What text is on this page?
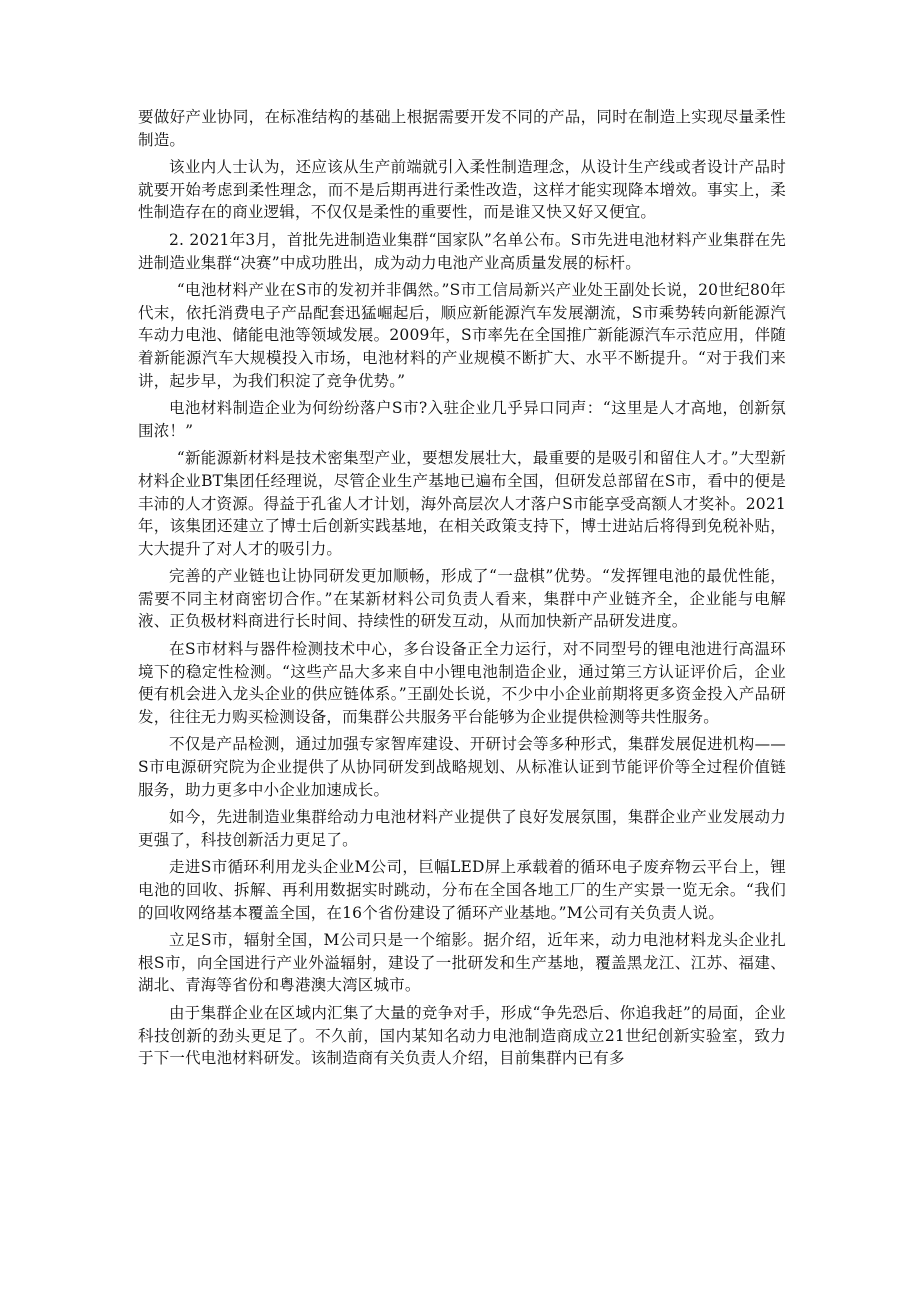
要做好产业协同，在标准结构的基础上根据需要开发不同的产品，同时在制造上实现尽量柔性制造。

该业内人士认为，还应该从生产前端就引入柔性制造理念，从设计生产线或者设计产品时就要开始考虑到柔性理念，而不是后期再进行柔性改造，这样才能实现降本增效。事实上，柔性制造存在的商业逻辑，不仅仅是柔性的重要性，而是谁又快又好又便宜。

2. 2021年3月，首批先进制造业集群“国家队”名单公布。S市先进电池材料产业集群在先进制造业集群“决赛”中成功胜出，成为动力电池产业高质量发展的标杆。

“电池材料产业在S市的发初并非偶然。”S市工信局新兴产业处王副处长说，20世纪80年代末，依托消费电子产品配套迅猛崛起后，顺应新能源汽车发展潮流，S市乘势转向新能源汽车动力电池、储能电池等领域发展。2009年，S市率先在全国推广新能源汽车示范应用，伴随着新能源汽车大规模投入市场，电池材料的产业规模不断扩大、水平不断提升。“对于我们来讲，起步早，为我们积淀了竞争优势。”

电池材料制造企业为何纷纷落户S市?入驻企业几乎异口同声：“这里是人才高地，创新氛围浓！”

“新能源新材料是技术密集型产业，要想发展壮大，最重要的是吸引和留住人才。”大型新材料企业BT集团任经理说，尽管企业生产基地已遍布全国，但研发总部留在S市，看中的便是丰沛的人才资源。得益于孔雀人才计划，海外高层次人才落户S市能享受高额人才奖补。2021年，该集团还建立了博士后创新实践基地，在相关政策支持下，博士进站后将得到免税补贴，大大提升了对人才的吸引力。

完善的产业链也让协同研发更加顺畅，形成了“一盘棋”优势。“发挥锂电池的最优性能，需要不同主材商密切合作。”在某新材料公司负责人看来，集群中产业链齐全，企业能与电解液、正负极材料商进行长时间、持续性的研发互动，从而加快新产品研发进度。

在S市材料与器件检测技术中心，多台设备正全力运行，对不同型号的锂电池进行高温环境下的稳定性检测。“这些产品大多来自中小锂电池制造企业，通过第三方认证评价后，企业便有机会进入龙头企业的供应链体系。”王副处长说，不少中小企业前期将更多资金投入产品研发，往往无力购买检测设备，而集群公共服务平台能够为企业提供检测等共性服务。

不仅是产品检测，通过加强专家智库建设、开研讨会等多种形式，集群发展促进机构——S市电源研究院为企业提供了从协同研发到战略规划、从标准认证到节能评价等全过程价值链服务，助力更多中小企业加速成长。

如今，先进制造业集群给动力电池材料产业提供了良好发展氛围，集群企业产业发展动力更强了，科技创新活力更足了。

走进S市循环利用龙头企业M公司，巨幅LED屏上承载着的循环电子废弃物云平台上，锂电池的回收、拆解、再利用数据实时跳动，分布在全国各地工厂的生产实景一览无余。“我们的回收网络基本覆盖全国，在16个省份建设了循环产业基地。”M公司有关负责人说。

立足S市，辐射全国，M公司只是一个缩影。据介绍，近年来，动力电池材料龙头企业扎根S市，向全国进行产业外溢辐射，建设了一批研发和生产基地，覆盖黑龙江、江苏、福建、湖北、青海等省份和粤港澳大湾区城市。

由于集群企业在区域内汇集了大量的竞争对手，形成“争先恐后、你追我赶”的局面，企业科技创新的劲头更足了。不久前，国内某知名动力电池制造商成立21世纪创新实验室，致力于下一代电池材料研发。该制造商有关负责人介绍，目前集群内已有多
